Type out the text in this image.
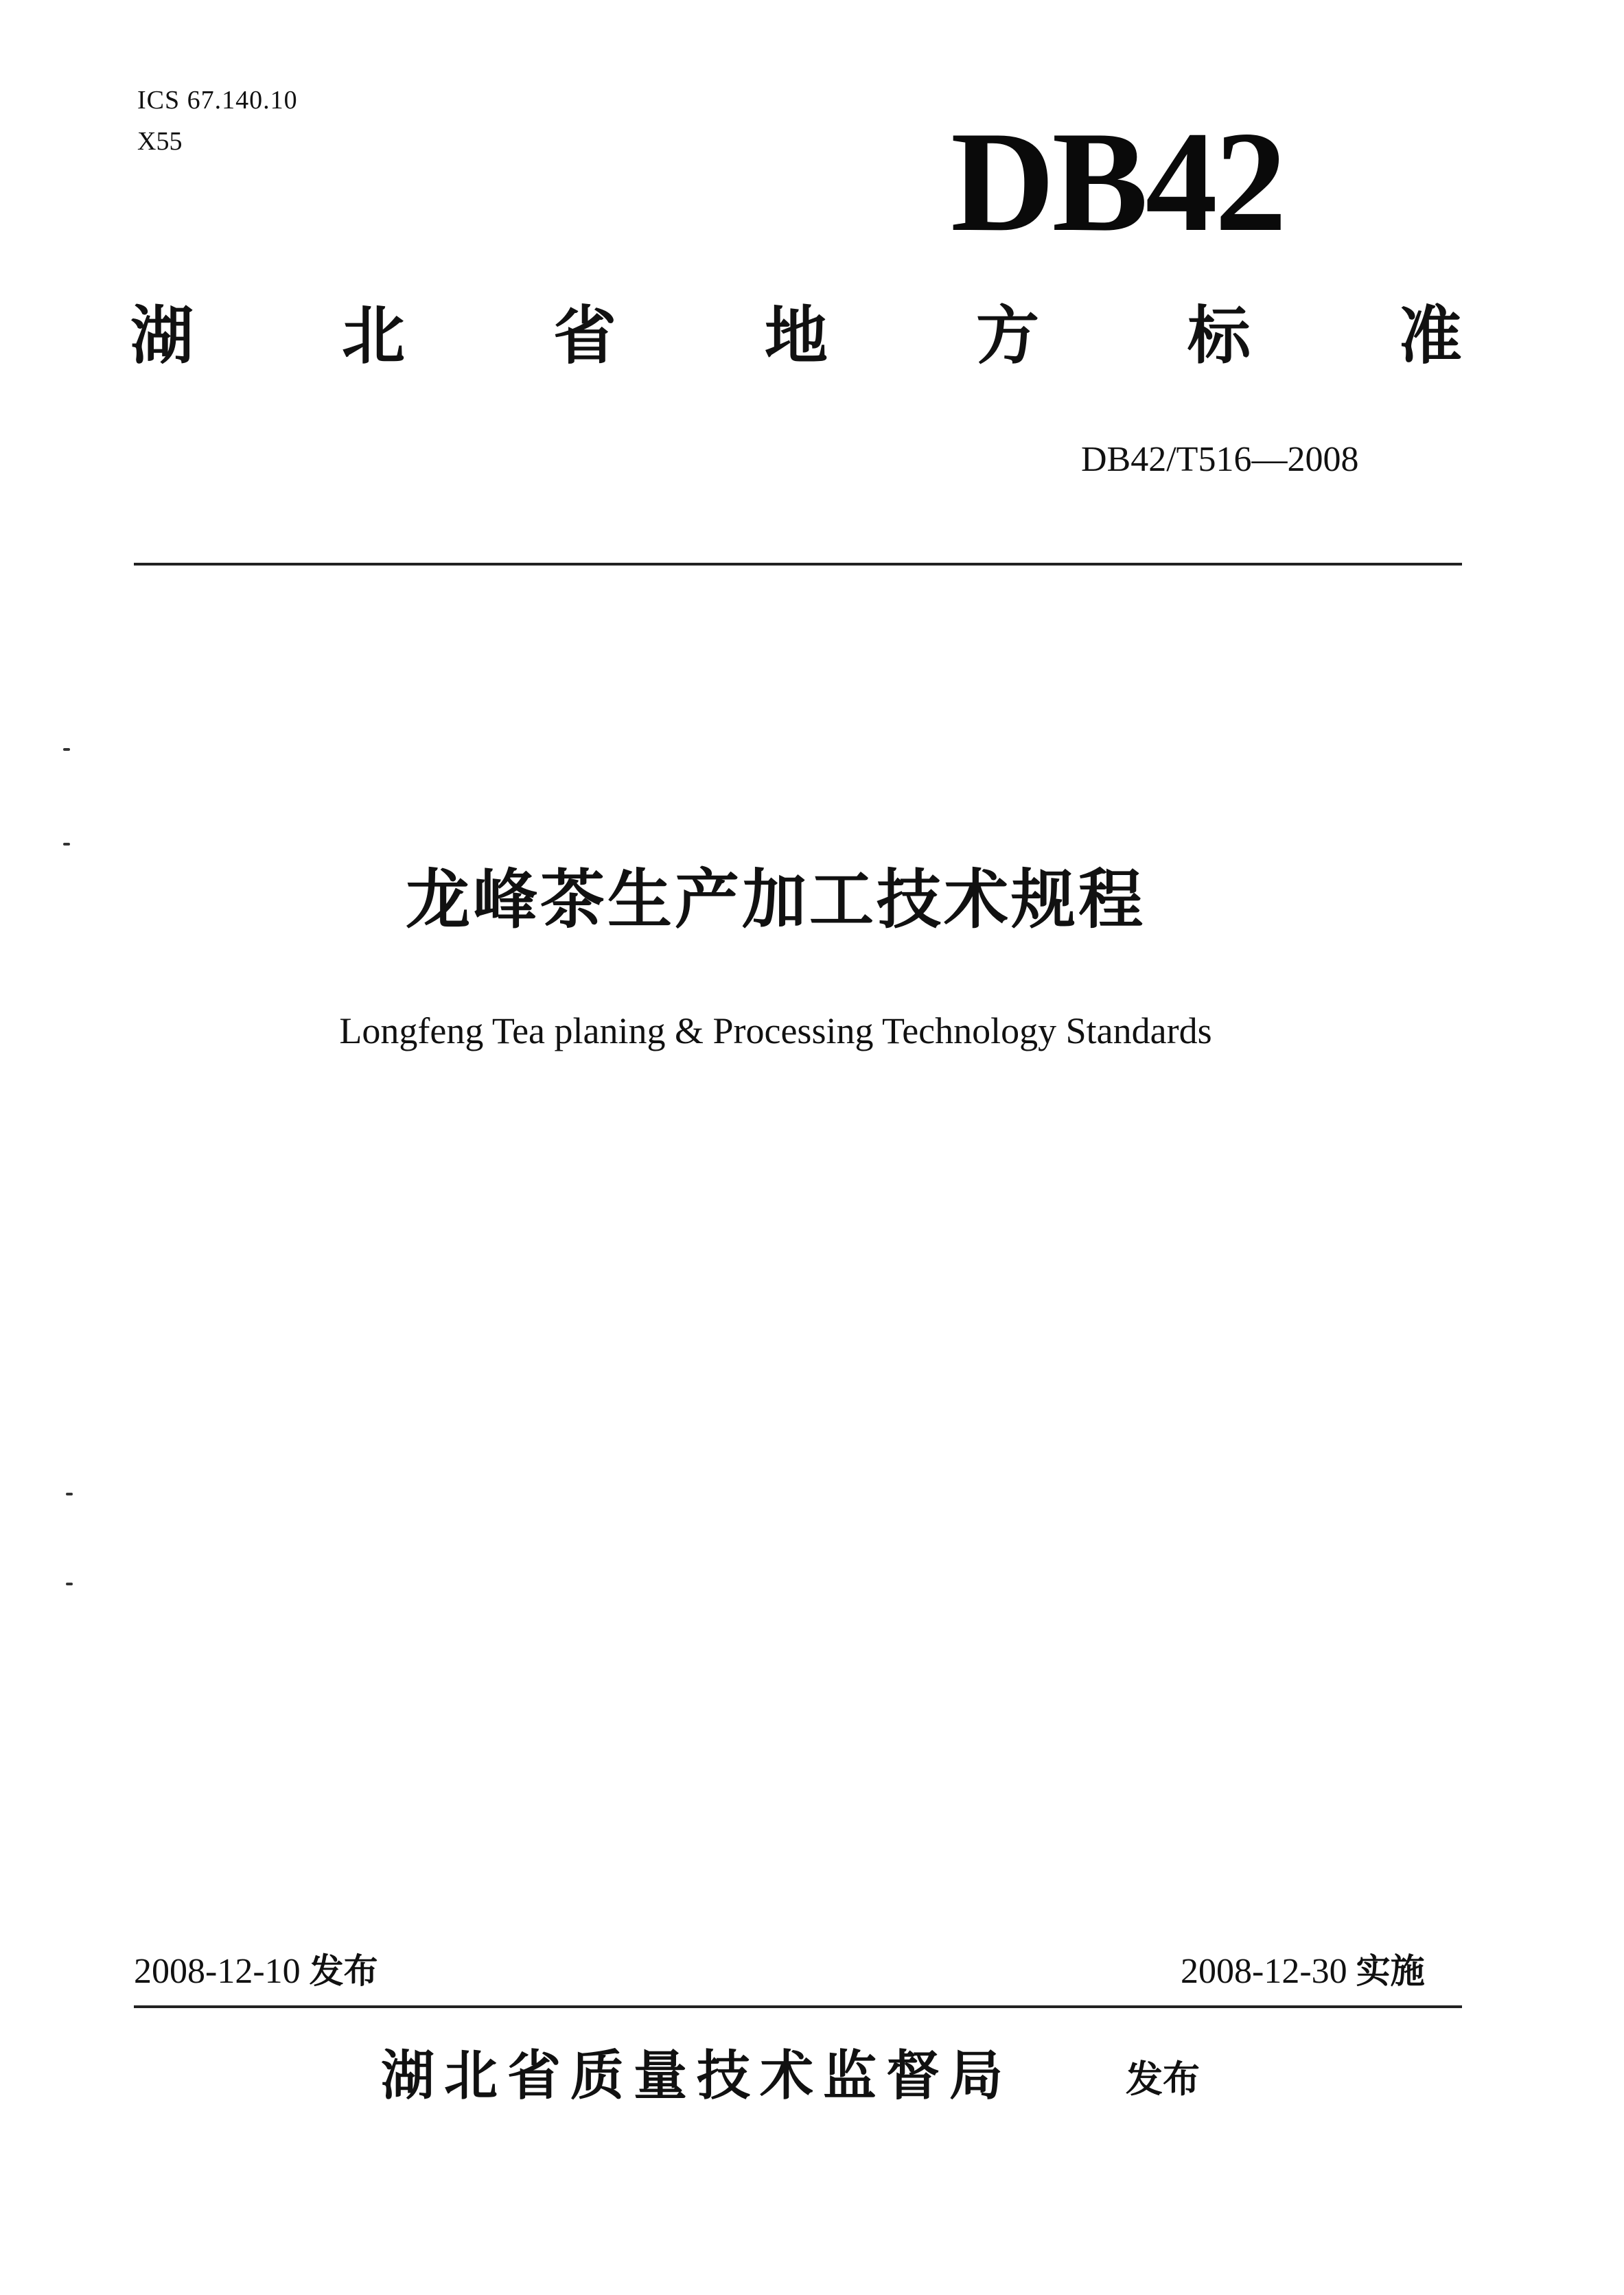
ICS 67.140.10
X55	DB42
湖 北 省 地 方 标 准
DB42/T516—2008
龙峰茶生产加工技术规程
Longfeng Tea planing & Processing Technology Standards
2008-12-10 发布	2008-12-30 实施
湖北省质量技术监督局	发布
